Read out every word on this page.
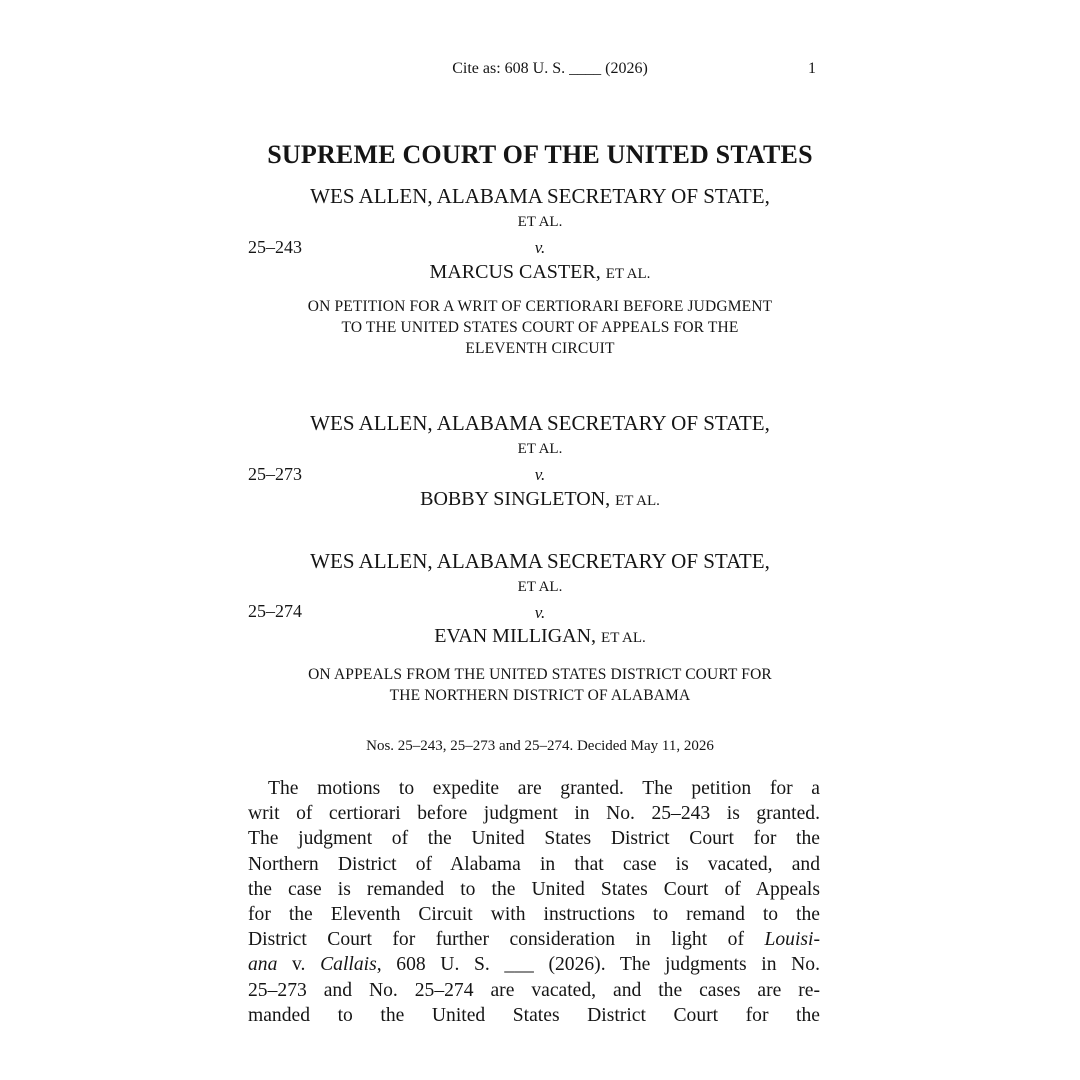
Cite as: 608 U. S. ____ (2026)	1
SUPREME COURT OF THE UNITED STATES
WES ALLEN, ALABAMA SECRETARY OF STATE,
ET AL.
25–243	v.
MARCUS CASTER, ET AL.
ON PETITION FOR A WRIT OF CERTIORARI BEFORE JUDGMENT
TO THE UNITED STATES COURT OF APPEALS FOR THE
ELEVENTH CIRCUIT
WES ALLEN, ALABAMA SECRETARY OF STATE,
ET AL.
25–273	v.
BOBBY SINGLETON, ET AL.
WES ALLEN, ALABAMA SECRETARY OF STATE,
ET AL.
25–274	v.
EVAN MILLIGAN, ET AL.
ON APPEALS FROM THE UNITED STATES DISTRICT COURT FOR
THE NORTHERN DISTRICT OF ALABAMA
Nos. 25–243, 25–273 and 25–274. Decided May 11, 2026
The motions to expedite are granted. The petition for a
writ of certiorari before judgment in No. 25–243 is granted.
The judgment of the United States District Court for the
Northern District of Alabama in that case is vacated, and
the case is remanded to the United States Court of Appeals
for the Eleventh Circuit with instructions to remand to the
District Court for further consideration in light of Louisi-
ana v. Callais, 608 U. S. ___ (2026). The judgments in No.
25–273 and No. 25–274 are vacated, and the cases are re-
manded to the United States District Court for the
